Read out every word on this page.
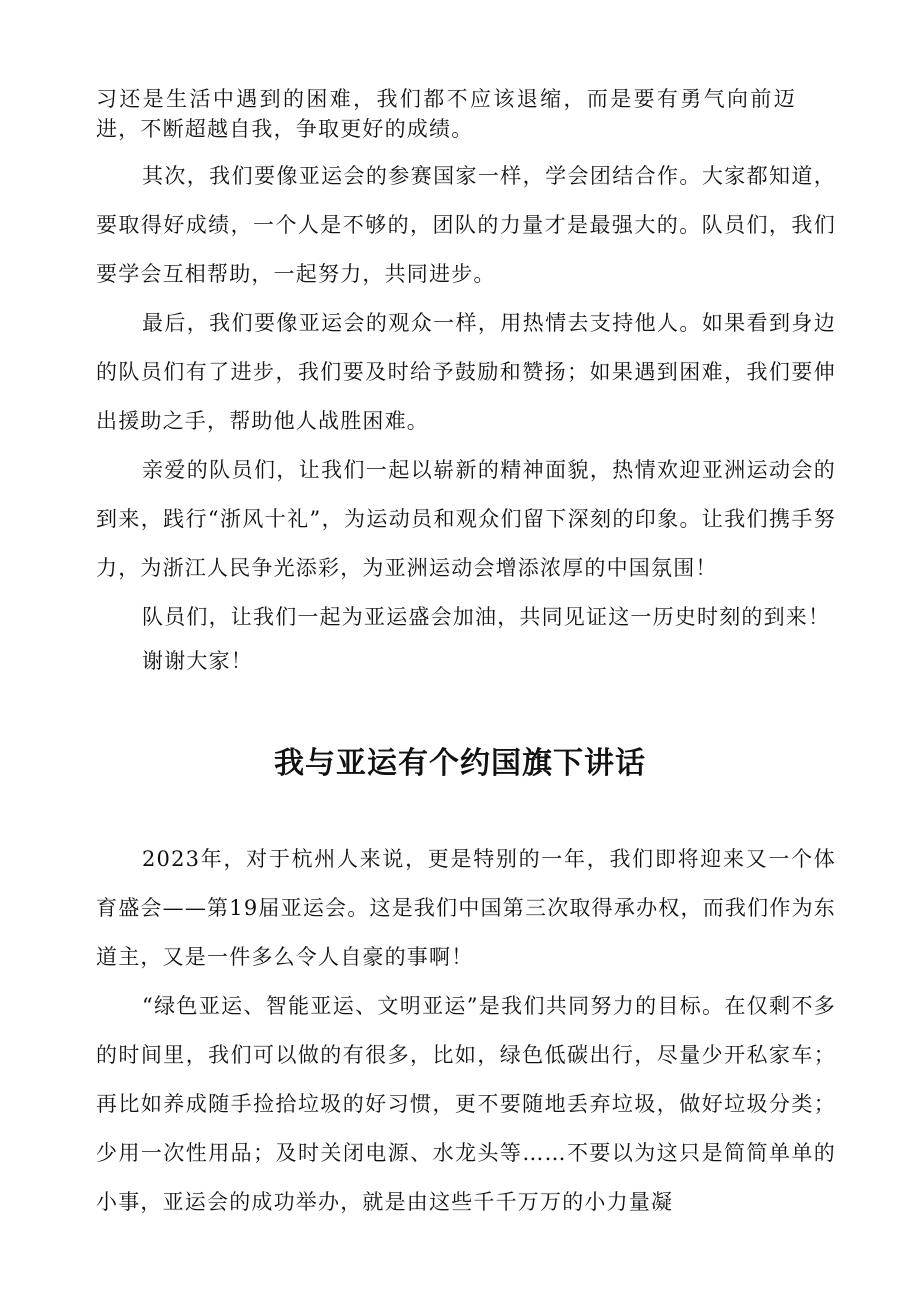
习还是生活中遇到的困难，我们都不应该退缩，而是要有勇气向前迈进，不断超越自我，争取更好的成绩。

其次，我们要像亚运会的参赛国家一样，学会团结合作。大家都知道，要取得好成绩，一个人是不够的，团队的力量才是最强大的。队员们，我们要学会互相帮助，一起努力，共同进步。

最后，我们要像亚运会的观众一样，用热情去支持他人。如果看到身边的队员们有了进步，我们要及时给予鼓励和赞扬；如果遇到困难，我们要伸出援助之手，帮助他人战胜困难。

亲爱的队员们，让我们一起以崭新的精神面貌，热情欢迎亚洲运动会的到来，践行“浙风十礼”，为运动员和观众们留下深刻的印象。让我们携手努力，为浙江人民争光添彩，为亚洲运动会增添浓厚的中国氛围！

队员们，让我们一起为亚运盛会加油，共同见证这一历史时刻的到来！

谢谢大家！

我与亚运有个约国旗下讲话

2023年，对于杭州人来说，更是特别的一年，我们即将迎来又一个体育盛会——第19届亚运会。这是我们中国第三次取得承办权，而我们作为东道主，又是一件多么令人自豪的事啊！

“绿色亚运、智能亚运、文明亚运”是我们共同努力的目标。在仅剩不多的时间里，我们可以做的有很多，比如，绿色低碳出行，尽量少开私家车；再比如养成随手捡拾垃圾的好习惯，更不要随地丢弃垃圾，做好垃圾分类；少用一次性用品；及时关闭电源、水龙头等……不要以为这只是简简单单的小事，亚运会的成功举办，就是由这些千千万万的小力量凝
